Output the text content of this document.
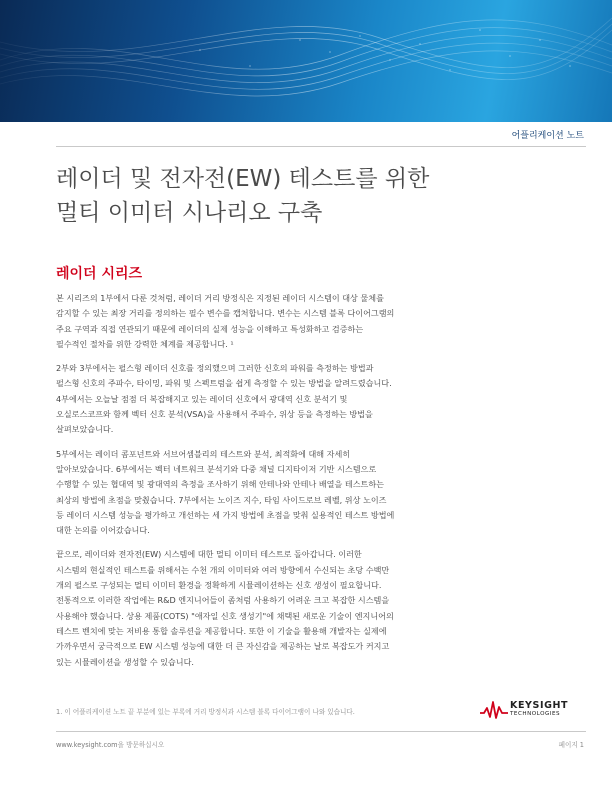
어플리케이션 노트
레이더 및 전자전(EW) 테스트를 위한
멀티 이미터 시나리오 구축
레이더 시리즈

본 시리즈의 1부에서 다룬 것처럼, 레이더 거리 방정식은 지정된 레이더 시스템이 대상 물체를
감지할 수 있는 최장 거리를 정의하는 필수 변수를 캡처합니다. 변수는 시스템 블록 다이어그램의
주요 구역과 직접 연관되기 때문에 레이더의 실제 성능을 이해하고 특성화하고 검증하는
필수적인 절차를 위한 강력한 체계를 제공합니다. ¹

2부와 3부에서는 펄스형 레이더 신호를 정의했으며 그러한 신호의 파워를 측정하는 방법과
펄스형 신호의 주파수, 타이밍, 파워 및 스펙트럼을 쉽게 측정할 수 있는 방법을 알려드렸습니다.
4부에서는 오늘날 점점 더 복잡해지고 있는 레이더 신호에서 광대역 신호 분석기 및
오실로스코프와 함께 벡터 신호 분석(VSA)을 사용해서 주파수, 위상 등을 측정하는 방법을
살펴보았습니다.

5부에서는 레이더 콤포넌트와 서브어셈블리의 테스트와 분석, 최적화에 대해 자세히
알아보았습니다. 6부에서는 벡터 네트워크 분석기와 다중 채널 디지타이저 기반 시스템으로
수행할 수 있는 협대역 및 광대역의 측정을 조사하기 위해 안테나와 안테나 배열을 테스트하는
최상의 방법에 초점을 맞췄습니다. 7부에서는 노이즈 지수, 타임 사이드로브 레벨, 위상 노이즈
등 레이더 시스템 성능을 평가하고 개선하는 세 가지 방법에 초점을 맞춰 실용적인 테스트 방법에
대한 논의를 이어갔습니다.

끝으로, 레이더와 전자전(EW) 시스템에 대한 멀티 이미터 테스트로 돌아갑니다. 이러한
시스템의 현실적인 테스트를 위해서는 수천 개의 이미터와 여러 방향에서 수신되는 초당 수백만
개의 펄스로 구성되는 멀티 이미터 환경을 정확하게 시뮬레이션하는 신호 생성이 필요합니다.
전통적으로 이러한 작업에는 R&D 엔지니어들이 좀처럼 사용하기 어려운 크고 복잡한 시스템을
사용해야 했습니다. 상용 제품(COTS) "애자일 신호 생성기"에 채택된 새로운 기술이 엔지니어의
테스트 벤치에 맞는 저비용 통합 솔루션을 제공합니다. 또한 이 기술을 활용해 개발자는 실제에
가까우면서 궁극적으로 EW 시스템 성능에 대한 더 큰 자신감을 제공하는 날로 복잡도가 커지고
있는 시뮬레이션을 생성할 수 있습니다.

1. 이 어플리케이션 노트 끝 부분에 있는 부록에 거리 방정식과 시스템 블록 다이어그램이 나와 있습니다.
KEYSIGHT
TECHNOLOGIES
www.keysight.com을 방문하십시오	페이지 1
